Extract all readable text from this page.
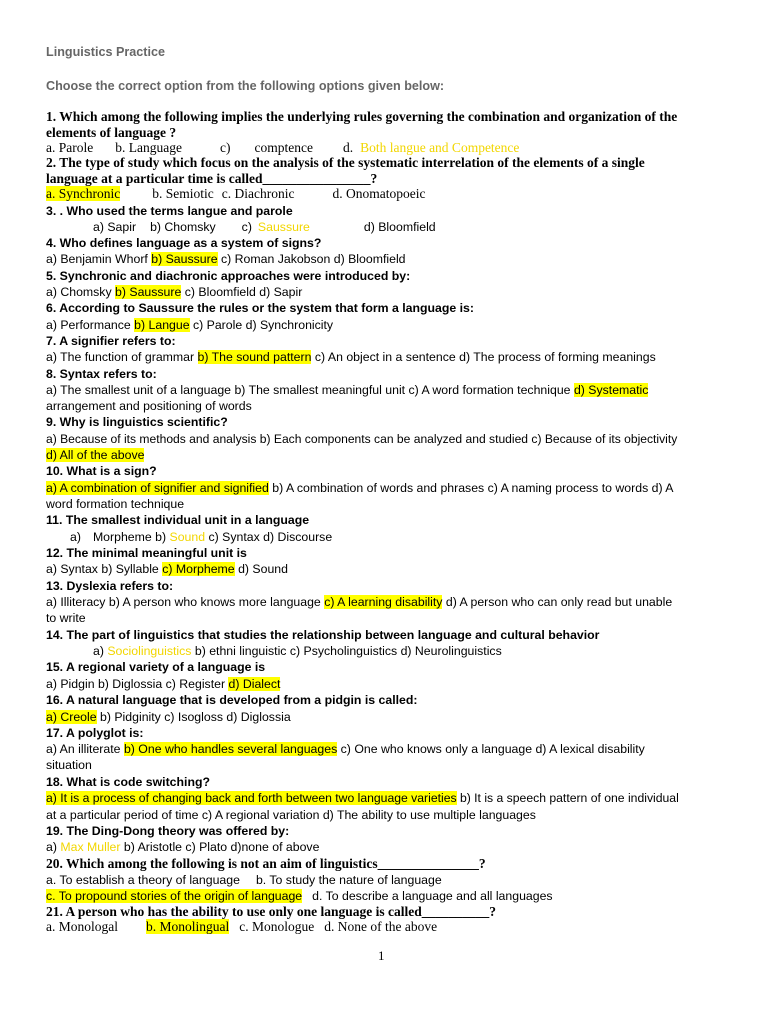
Linguistics Practice
Choose the correct option from the following options given below:
1. Which among the following implies the underlying rules governing the combination and organization of the
elements of language ?
a. Parole b. Language	c) comptence d. Both langue and Competence
2. The type of study which focus on the analysis of the systematic interrelation of the elements of a single
language at a particular time is called________________?
a. Synchronic b. Semiotic c. Diachronic	d. Onomatopoeic
3. . Who used the terms langue and parole
a) Sapir b) Chomsky c) Saussure	d) Bloomfield
4. Who defines language as a system of signs?
a) Benjamin Whorf b) Saussure c) Roman Jakobson d) Bloomfield
5. Synchronic and diachronic approaches were introduced by:
a) Chomsky b) Saussure c) Bloomfield d) Sapir
6. According to Saussure the rules or the system that form a language is:
a) Performance b) Langue c) Parole d) Synchronicity
7. A signifier refers to:
a) The function of grammar b) The sound pattern c) An object in a sentence d) The process of forming meanings
8. Syntax refers to:
a) The smallest unit of a language b) The smallest meaningful unit c) A word formation technique d) Systematic
arrangement and positioning of words
9. Why is linguistics scientific?
a) Because of its methods and analysis b) Each components can be analyzed and studied c) Because of its objectivity
d) All of the above
10. What is a sign?
a) A combination of signifier and signified b) A combination of words and phrases c) A naming process to words d) A
word formation technique
11. The smallest individual unit in a language
a) Morpheme b) Sound c) Syntax d) Discourse
12. The minimal meaningful unit is
a) Syntax b) Syllable c) Morpheme d) Sound
13. Dyslexia refers to:
a) Illiteracy b) A person who knows more language c) A learning disability d) A person who can only read but unable
to write
14. The part of linguistics that studies the relationship between language and cultural behavior
a) Sociolinguistics b) ethni linguistic c) Psycholinguistics d) Neurolinguistics
15. A regional variety of a language is
a) Pidgin b) Diglossia c) Register d) Dialect
16. A natural language that is developed from a pidgin is called:
a) Creole b) Pidginity c) Isogloss d) Diglossia
17. A polyglot is:
a) An illiterate b) One who handles several languages c) One who knows only a language d) A lexical disability
situation
18. What is code switching?
a) It is a process of changing back and forth between two language varieties b) It is a speech pattern of one individual
at a particular period of time c) A regional variation d) The ability to use multiple languages
19. The Ding-Dong theory was offered by:
a) Max Muller b) Aristotle c) Plato d)none of above
20. Which among the following is not an aim of linguistics_______________?
a. To establish a theory of language b. To study the nature of language
c. To propound stories of the origin of language d. To describe a language and all languages
21. A person who has the ability to use only one language is called__________?
a. Monologal b. Monolingual c. Monologue d. None of the above
1
